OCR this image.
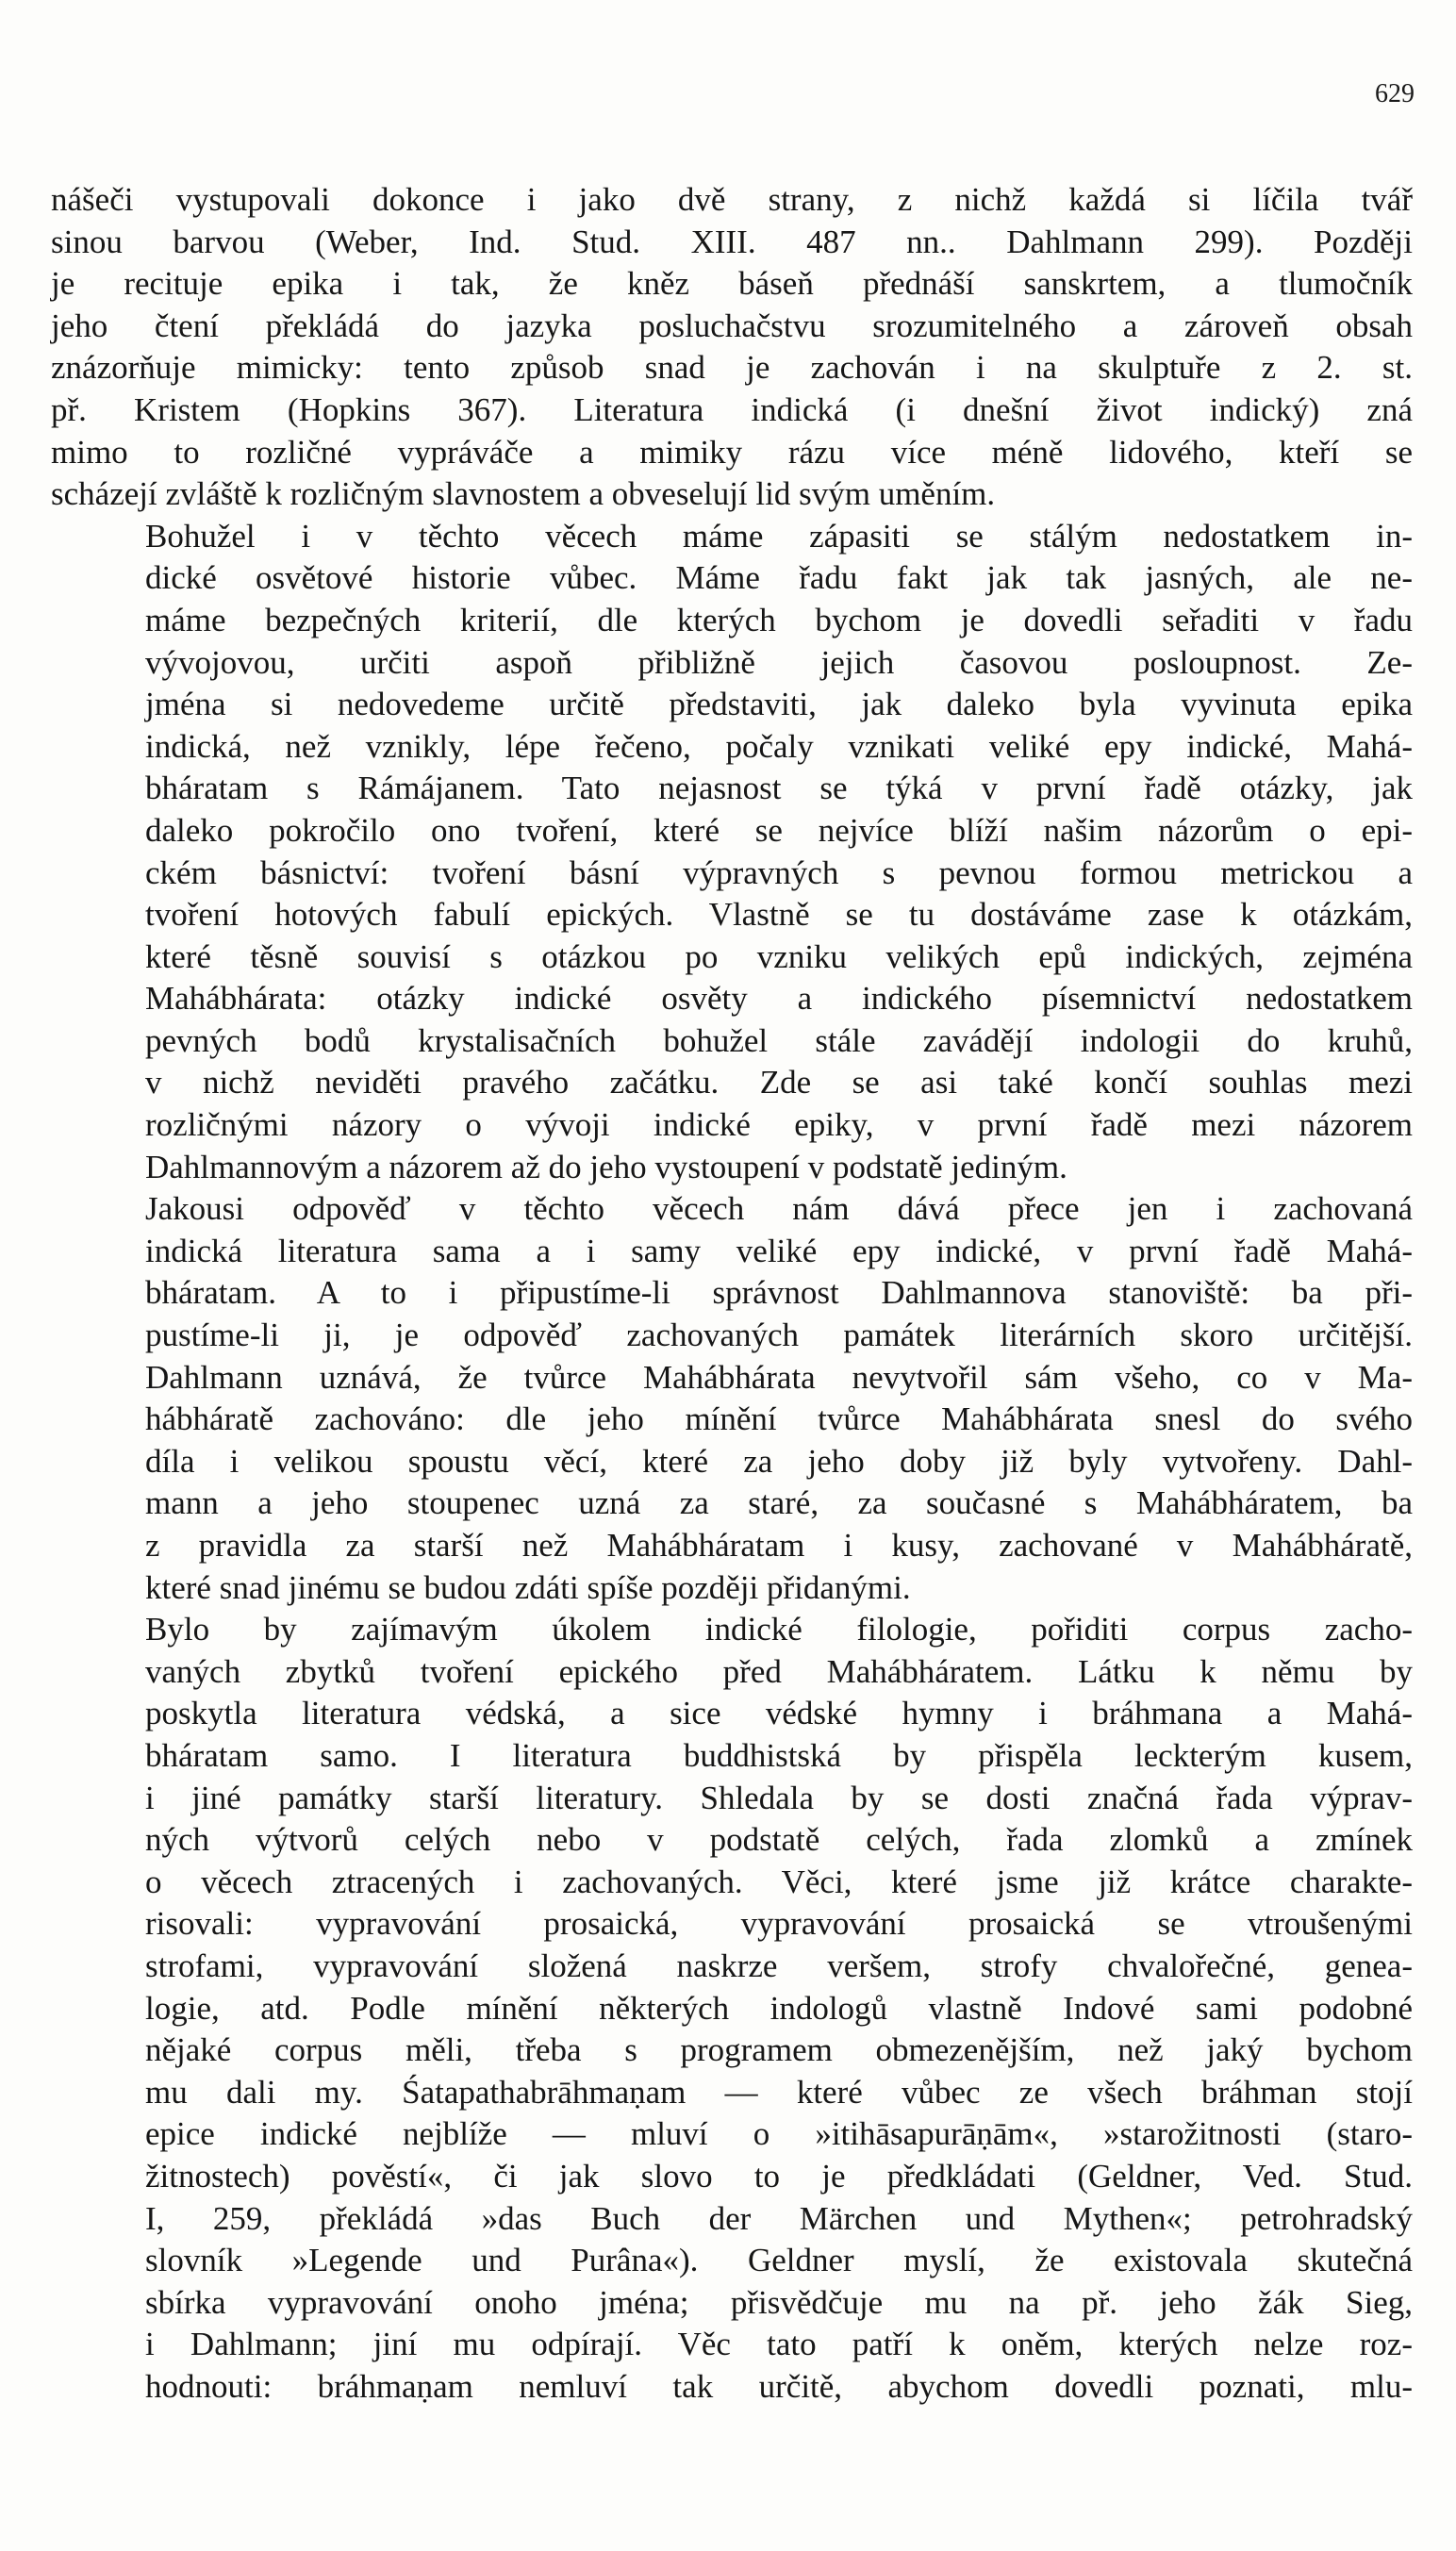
629

nášeči vystupovali dokonce i jako dvě strany, z nichž každá si líčila tvář
sinou barvou (Weber, Ind. Stud. XIII. 487 nn.. Dahlmann 299). Později
je recituje epika i tak, že kněz báseň přednáší sanskrtem, a tlumočník
jeho čtení překládá do jazyka posluchačstvu srozumitelného a zároveň obsah
znázorňuje mimicky: tento způsob snad je zachován i na skulptuře z 2. st.
př. Kristem (Hopkins 367). Literatura indická (i dnešní život indický) zná
mimo to rozličné vypráváče a mimiky rázu více méně lidového, kteří se
scházejí zvláště k rozličným slavnostem a obveselují lid svým uměním.

Bohužel i v těchto věcech máme zápasiti se stálým nedostatkem in-
dické osvětové historie vůbec. Máme řadu fakt jak tak jasných, ale ne-
máme bezpečných kriterií, dle kterých bychom je dovedli seřaditi v řadu
vývojovou, určiti aspoň přibližně jejich časovou posloupnost. Ze-
jména si nedovedeme určitě představiti, jak daleko byla vyvinuta epika
indická, než vznikly, lépe řečeno, počaly vznikati veliké epy indické, Mahá-
bháratam s Rámájanem. Tato nejasnost se týká v první řadě otázky, jak
daleko pokročilo ono tvoření, které se nejvíce blíží našim názorům o epi-
ckém básnictví: tvoření básní výpravných s pevnou formou metrickou a
tvoření hotových fabulí epických. Vlastně se tu dostáváme zase k otázkám,
které těsně souvisí s otázkou po vzniku velikých epů indických, zejména
Mahábhárata: otázky indické osvěty a indického písemnictví nedostatkem
pevných bodů krystalisačních bohužel stále zavádějí indologii do kruhů,
v nichž neviděti pravého začátku. Zde se asi také končí souhlas mezi
rozličnými názory o vývoji indické epiky, v první řadě mezi názorem
Dahlmannovým a názorem až do jeho vystoupení v podstatě jediným.

Jakousi odpověď v těchto věcech nám dává přece jen i zachovaná
indická literatura sama a i samy veliké epy indické, v první řadě Mahá-
bháratam. A to i připustíme-li správnost Dahlmannova stanoviště: ba při-
pustíme-li ji, je odpověď zachovaných památek literárních skoro určitější.
Dahlmann uznává, že tvůrce Mahábhárata nevytvořil sám všeho, co v Ma-
hábháratě zachováno: dle jeho mínění tvůrce Mahábhárata snesl do svého
díla i velikou spoustu věcí, které za jeho doby již byly vytvořeny. Dahl-
mann a jeho stoupenec uzná za staré, za současné s Mahábháratem, ba
z pravidla za starší než Mahábháratam i kusy, zachované v Mahábháratě,
které snad jinému se budou zdáti spíše později přidanými.

Bylo by zajímavým úkolem indické filologie, pořiditi corpus zacho-
vaných zbytků tvoření epického před Mahábháratem. Látku k němu by
poskytla literatura védská, a sice védské hymny i bráhmana a Mahá-
bháratam samo. I literatura buddhistská by přispěla leckterým kusem,
i jiné památky starší literatury. Shledala by se dosti značná řada výprav-
ných výtvorů celých nebo v podstatě celých, řada zlomků a zmínek
o věcech ztracených i zachovaných. Věci, které jsme již krátce charakte-
risovali: vypravování prosaická, vypravování prosaická se vtroušenými
strofami, vypravování složená naskrze veršem, strofy chvalořečné, genea-
logie, atd. Podle mínění některých indologů vlastně Indové sami podobné
nějaké corpus měli, třeba s programem obmezenějším, než jaký bychom
mu dali my. Śatapathabrāhmaṇam — které vůbec ze všech bráhman stojí
epice indické nejblíže — mluví o »itihāsapurāṇām«, »starožitnosti (staro-
žitnostech) pověstí«, či jak slovo to je předkládati (Geldner, Ved. Stud.
I, 259, překládá »das Buch der Märchen und Mythen«; petrohradský
slovník »Legende und Purâna«). Geldner myslí, že existovala skutečná
sbírka vypravování onoho jména; přisvědčuje mu na př. jeho žák Sieg,
i Dahlmann; jiní mu odpírají. Věc tato patří k oněm, kterých nelze roz-
hodnouti: bráhmaṇam nemluví tak určitě, abychom dovedli poznati, mlu-
